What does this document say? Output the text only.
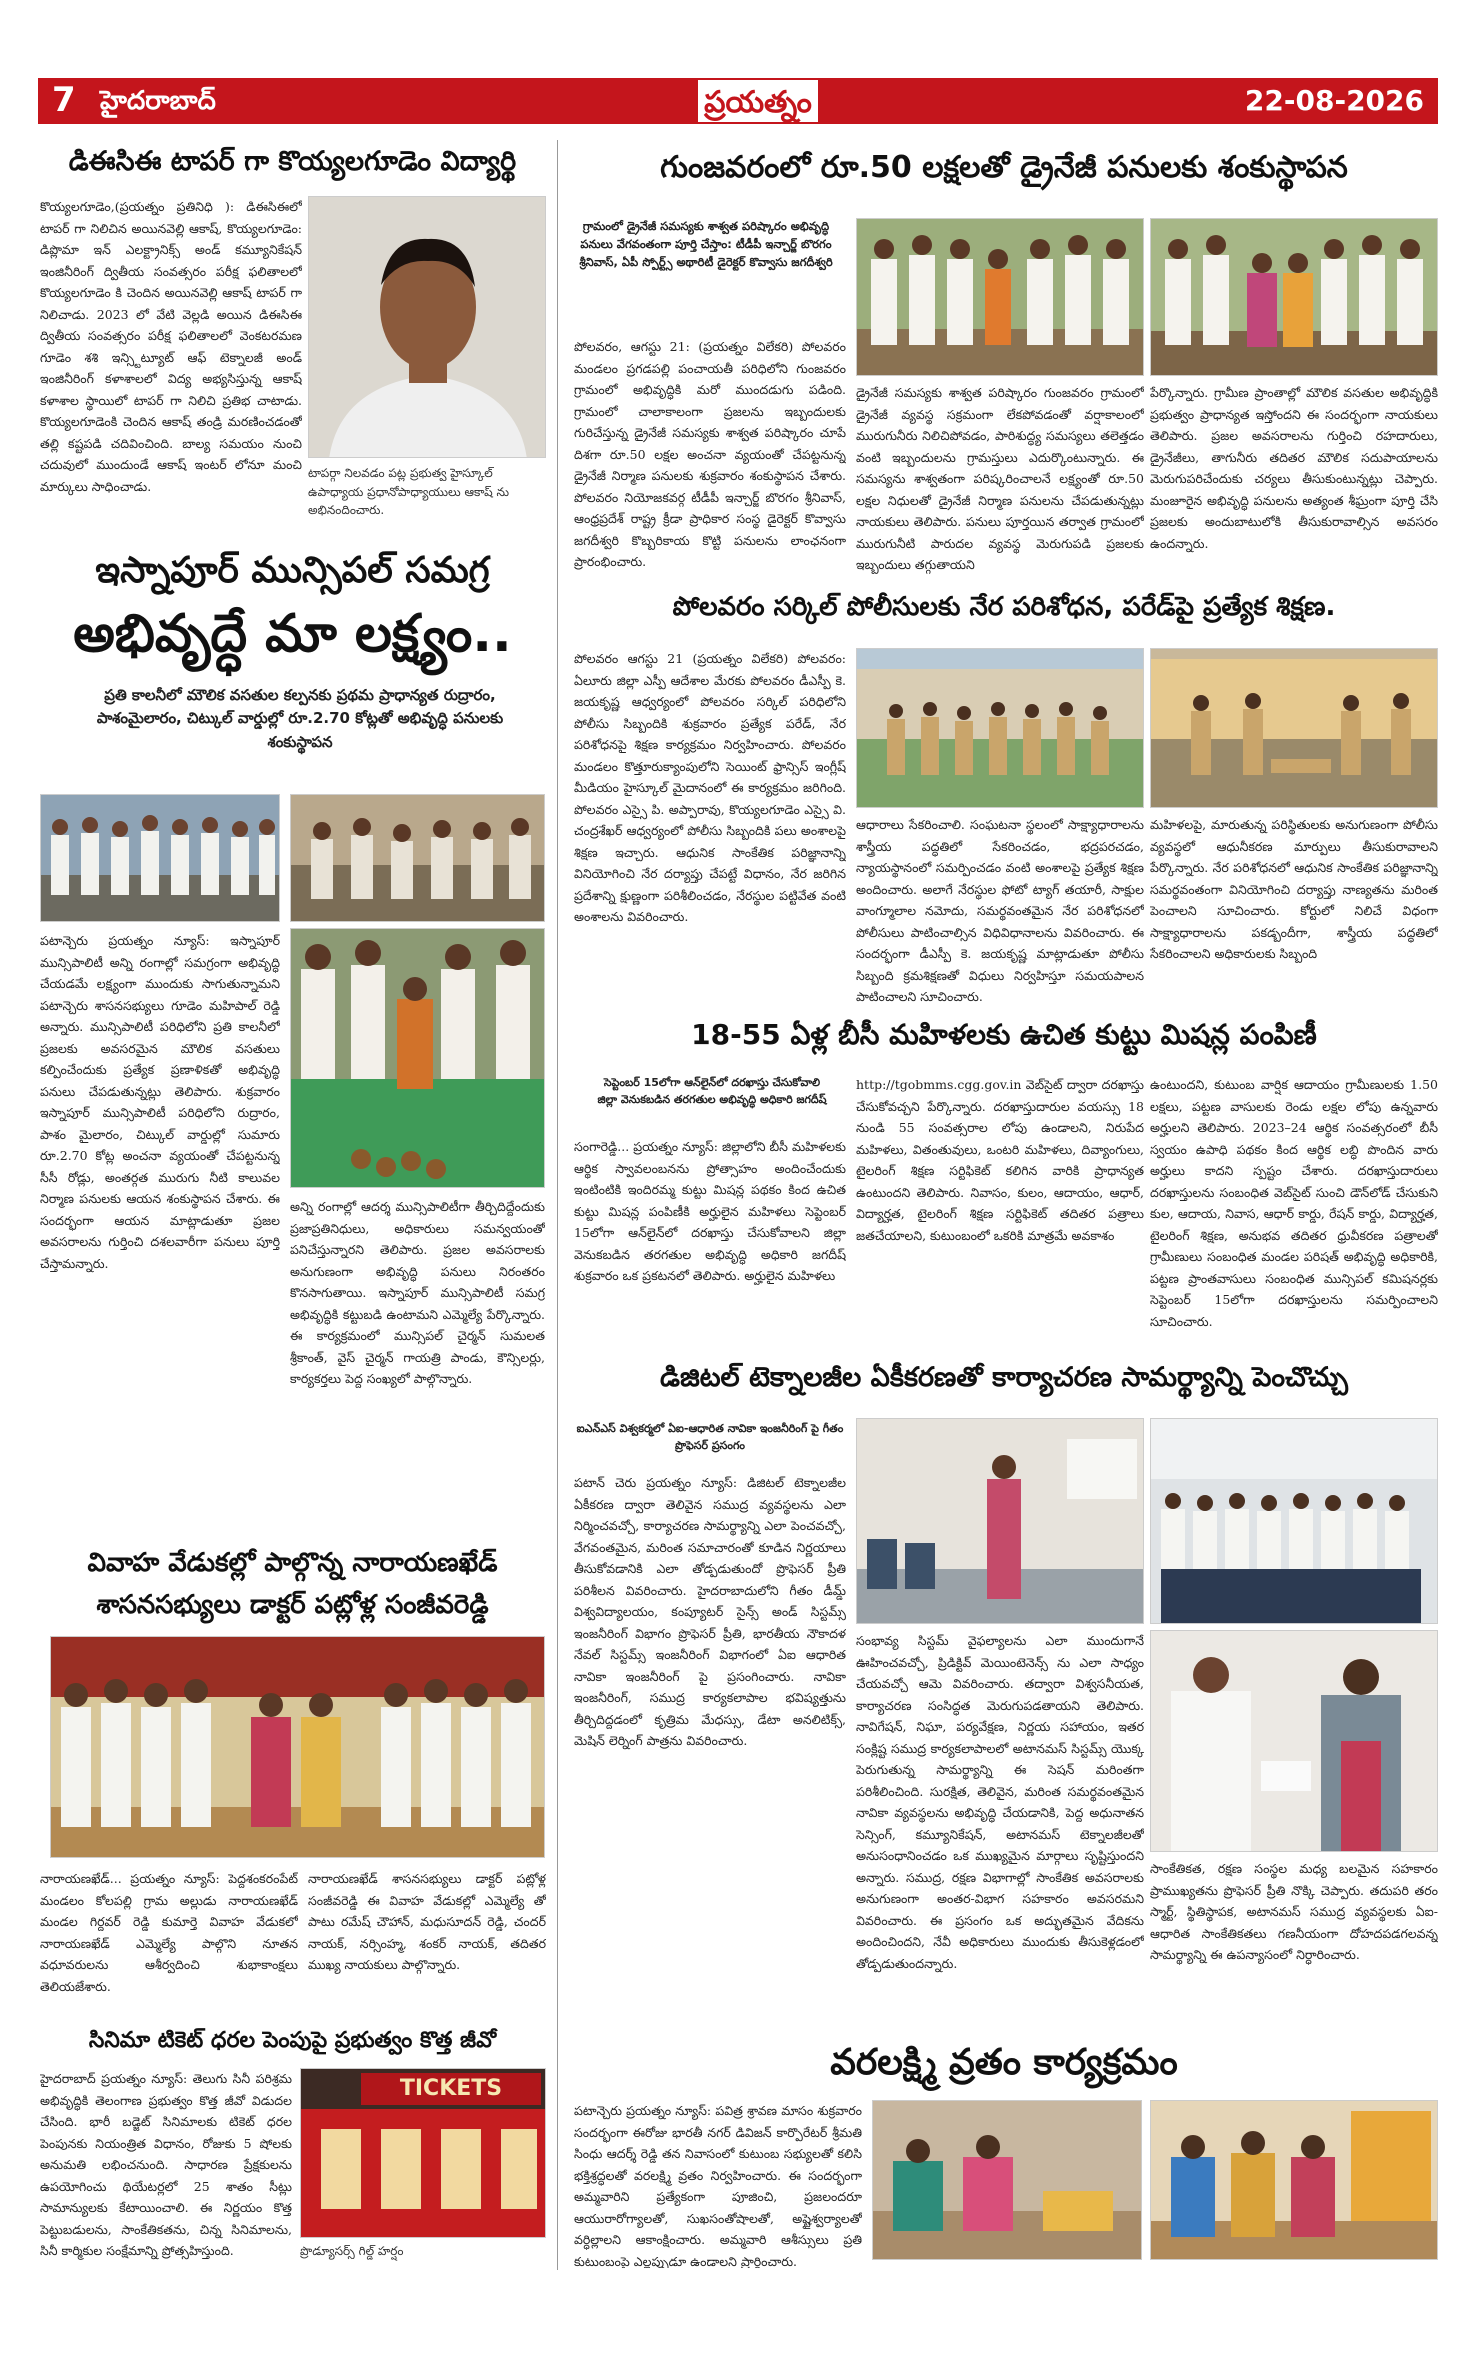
7 హైదరాబాద్	ప్రయత్నం	22-08-2026
డిఈసిఈ టాపర్ గా కొయ్యలగూడెం విద్యార్థి
కొయ్యలగూడెం,(ప్రయత్నం ప్రతినిధి ): డిఈసిఈలో టాపర్ గా నిలిచిన అయినవెల్లి ఆకాష్, కొయ్యలగూడెం: డిప్లొమా ఇన్ ఎలక్ట్రానిక్స్ అండ్ కమ్యూనికేషన్ ఇంజినీరింగ్ ద్వితీయ సంవత్సరం పరీక్ష ఫలితాలలో కొయ్యలగూడెం కి చెందిన అయినవెల్లి ఆకాష్ టాపర్ గా నిలిచాడు. 2023 లో వేటి వెల్లడి అయిన డిఈసిఈ ద్వితీయ సంవత్సరం పరీక్ష ఫలితాలలో వెంకటరమణ గూడెం శశి ఇన్స్టిట్యూట్ ఆఫ్ టెక్నాలజీ అండ్ ఇంజినీరింగ్ కళాశాలలో విద్య అభ్యసిస్తున్న ఆకాష్ కళాశాల స్థాయిలో టాపర్ గా నిలిచి ప్రతిభ చాటాడు. కొయ్యలగూడెంకి చెందిన ఆకాష్ తండ్రి మరణించడంతో తల్లి కష్టపడి చదివించింది. బాల్య సమయం నుంచి చదువులో ముందుండే ఆకాష్ ఇంటర్ లోనూ మంచి మార్కులు సాధించాడు.
టాపర్గా నిలవడం పట్ల ప్రభుత్వ హైస్కూల్ ఉపాధ్యాయ ప్రధానోపాధ్యాయులు ఆకాష్ ను అభినందించారు.
ఇస్నాపూర్ మున్సిపల్ సమగ్ర
అభివృద్ధే మా లక్ష్యం..
ప్రతి కాలనీలో మౌలిక వసతుల కల్పనకు ప్రథమ ప్రాధాన్యత రుద్రారం, పాశంమైలారం, చిట్కుల్ వార్డుల్లో రూ.2.70 కోట్లతో అభివృద్ధి పనులకు శంకుస్థాపన
పటాన్చెరు ప్రయత్నం న్యూస్: ఇస్నాపూర్ మున్సిపాలిటీ అన్ని రంగాల్లో సమగ్రంగా అభివృద్ధి చేయడమే లక్ష్యంగా ముందుకు సాగుతున్నామని పటాన్చెరు శాసనసభ్యులు గూడెం మహిపాల్ రెడ్డి అన్నారు. మున్సిపాలిటీ పరిధిలోని ప్రతి కాలనీలో ప్రజలకు అవసరమైన మౌలిక వసతులు కల్పించేందుకు ప్రత్యేక ప్రణాళికతో అభివృద్ధి పనులు చేపడుతున్నట్లు తెలిపారు. శుక్రవారం ఇస్నాపూర్ మున్సిపాలిటీ పరిధిలోని రుద్రారం, పాశం మైలారం, చిట్కుల్ వార్డుల్లో సుమారు రూ.2.70 కోట్ల అంచనా వ్యయంతో చేపట్టనున్న సీసీ రోడ్లు, అంతర్గత మురుగు నీటి కాలువల నిర్మాణ పనులకు ఆయన శంకుస్థాపన చేశారు. ఈ సందర్భంగా ఆయన మాట్లాడుతూ ప్రజల అవసరాలను గుర్తించి దశలవారీగా పనులు పూర్తి చేస్తామన్నారు.
అన్ని రంగాల్లో ఆదర్శ మున్సిపాలిటీగా తీర్చిదిద్దేందుకు ప్రజాప్రతినిధులు, అధికారులు సమన్వయంతో పనిచేస్తున్నారని తెలిపారు. ప్రజల అవసరాలకు అనుగుణంగా అభివృద్ధి పనులు నిరంతరం కొనసాగుతాయి. ఇస్నాపూర్ మున్సిపాలిటీ సమగ్ర అభివృద్ధికి కట్టుబడి ఉంటామని ఎమ్మెల్యే పేర్కొన్నారు. ఈ కార్యక్రమంలో మున్సిపల్ చైర్మన్ సుమలత శ్రీకాంత్, వైస్ చైర్మన్ గాయత్రి పాండు, కౌన్సిలర్లు, కార్యకర్తలు పెద్ద సంఖ్యలో పాల్గొన్నారు.
వివాహ వేడుకల్లో పాల్గొన్న నారాయణఖేడ్
శాసనసభ్యులు డాక్టర్ పట్లోళ్ల సంజీవరెడ్డి
నారాయణఖేడ్... ప్రయత్నం న్యూస్: పెద్దశంకరంపేట్ మండలం కోలపల్లి గ్రామ అల్లుడు నారాయణఖేడ్ మండల గిర్దవర్ రెడ్డి కుమార్తె వివాహ వేడుకలో నారాయణఖేడ్ ఎమ్మెల్యే పాల్గొని నూతన వధూవరులను ఆశీర్వదించి శుభాకాంక్షలు తెలియజేశారు.
నారాయణఖేడ్ శాసనసభ్యులు డాక్టర్ పట్లోళ్ల సంజీవరెడ్డి ఈ వివాహ వేడుకల్లో ఎమ్మెల్యే తో పాటు రమేష్ చౌహాన్, మధుసూదన్ రెడ్డి, చందర్ నాయక్, నర్సింహ్మ, శంకర్ నాయక్, తదితర ముఖ్య నాయకులు పాల్గొన్నారు.
సినిమా టికెట్ ధరల పెంపుపై ప్రభుత్వం కొత్త జీవో
హైదరాబాద్ ప్రయత్నం న్యూస్: తెలుగు సినీ పరిశ్రమ అభివృద్ధికి తెలంగాణ ప్రభుత్వం కొత్త జీవో విడుదల చేసింది. భారీ బడ్జెట్ సినిమాలకు టికెట్ ధరల పెంపునకు నియంత్రిత విధానం, రోజుకు 5 షోలకు అనుమతి లభించనుంది. సాధారణ ప్రేక్షకులను ఉపయోగించు థియేటర్లలో 25 శాతం సీట్లు సామాన్యులకు కేటాయించాలి. ఈ నిర్ణయం కొత్త పెట్టుబడులను, సాంకేతికతను, చిన్న సినిమాలను, సినీ కార్మికుల సంక్షేమాన్ని ప్రోత్సహిస్తుంది.
TICKETS
ప్రొడ్యూసర్స్ గిల్డ్ హర్షం
గుంజవరంలో రూ.50 లక్షలతో డ్రైనేజీ పనులకు శంకుస్థాపన
గ్రామంలో డ్రైనేజీ సమస్యకు శాశ్వత పరిష్కారం అభివృద్ధి పనులు వేగవంతంగా పూర్తి చేస్తాం: టీడీపీ ఇన్చార్జ్ బొరగం శ్రీనివాస్, ఏపీ స్పోర్ట్స్ అథారిటీ డైరెక్టర్ కొవ్వాసు జగదీశ్వరి
పోలవరం, ఆగస్టు 21: (ప్రయత్నం విలేకరి) పోలవరం మండలం ప్రగడపల్లి పంచాయతీ పరిధిలోని గుంజవరం గ్రామంలో అభివృద్ధికి మరో ముందడుగు పడింది. గ్రామంలో చాలాకాలంగా ప్రజలను ఇబ్బందులకు గురిచేస్తున్న డ్రైనేజీ సమస్యకు శాశ్వత పరిష్కారం చూపే దిశగా రూ.50 లక్షల అంచనా వ్యయంతో చేపట్టనున్న డ్రైనేజీ నిర్మాణ పనులకు శుక్రవారం శంకుస్థాపన చేశారు. పోలవరం నియోజకవర్గ టీడీపీ ఇన్చార్జ్ బొరగం శ్రీనివాస్, ఆంధ్రప్రదేశ్ రాష్ట్ర క్రీడా ప్రాధికార సంస్థ డైరెక్టర్ కొవ్వాసు జగదీశ్వరి కొబ్బరికాయ కొట్టి పనులను లాంఛనంగా ప్రారంభించారు.
డ్రైనేజీ సమస్యకు శాశ్వత పరిష్కారం గుంజవరం గ్రామంలో డ్రైనేజీ వ్యవస్థ సక్రమంగా లేకపోవడంతో వర్షాకాలంలో మురుగునీరు నిలిచిపోవడం, పారిశుద్ధ్య సమస్యలు తలెత్తడం వంటి ఇబ్బందులను గ్రామస్తులు ఎదుర్కొంటున్నారు. ఈ సమస్యను శాశ్వతంగా పరిష్కరించాలనే లక్ష్యంతో రూ.50 లక్షల నిధులతో డ్రైనేజీ నిర్మాణ పనులను చేపడుతున్నట్లు నాయకులు తెలిపారు. పనులు పూర్తయిన తర్వాత గ్రామంలో మురుగునీటి పారుదల వ్యవస్థ మెరుగుపడి ప్రజలకు ఇబ్బందులు తగ్గుతాయని
పేర్కొన్నారు. గ్రామీణ ప్రాంతాల్లో మౌలిక వసతుల అభివృద్ధికి ప్రభుత్వం ప్రాధాన్యత ఇస్తోందని ఈ సందర్భంగా నాయకులు తెలిపారు. ప్రజల అవసరాలను గుర్తించి రహదారులు, డ్రైనేజీలు, తాగునీరు తదితర మౌలిక సదుపాయాలను మెరుగుపరిచేందుకు చర్యలు తీసుకుంటున్నట్లు చెప్పారు. మంజూరైన అభివృద్ధి పనులను అత్యంత శీఘ్రంగా పూర్తి చేసి ప్రజలకు అందుబాటులోకి తీసుకురావాల్సిన అవసరం ఉందన్నారు.
పోలవరం సర్కిల్ పోలీసులకు నేర పరిశోధన, పరేడ్‌పై ప్రత్యేక శిక్షణ.
పోలవరం ఆగస్టు 21 (ప్రయత్నం విలేకరి) పోలవరం: ఏలూరు జిల్లా ఎస్పీ ఆదేశాల మేరకు పోలవరం డీఎస్పీ కె. జయకృష్ణ ఆధ్వర్యంలో పోలవరం సర్కిల్ పరిధిలోని పోలీసు సిబ్బందికి శుక్రవారం ప్రత్యేక పరేడ్, నేర పరిశోధనపై శిక్షణ కార్యక్రమం నిర్వహించారు. పోలవరం మండలం కొత్తూరుక్యాంపులోని సెయింట్ ఫ్రాన్సిస్ ఇంగ్లీష్ మీడియం హైస్కూల్ మైదానంలో ఈ కార్యక్రమం జరిగింది. పోలవరం ఎస్సై పి. అప్పారావు, కొయ్యలగూడెం ఎస్సై వి. చంద్రశేఖర్ ఆధ్వర్యంలో పోలీసు సిబ్బందికి పలు అంశాలపై శిక్షణ ఇచ్చారు. ఆధునిక సాంకేతిక పరిజ్ఞానాన్ని వినియోగించి నేర దర్యాప్తు చేపట్టే విధానం, నేర జరిగిన ప్రదేశాన్ని క్షుణ్ణంగా పరిశీలించడం, నేరస్థుల పట్టివేత వంటి అంశాలను వివరించారు.
ఆధారాలు సేకరించాలి. సంఘటనా స్థలంలో సాక్ష్యాధారాలను శాస్త్రీయ పద్ధతిలో సేకరించడం, భద్రపరచడం, న్యాయస్థానంలో సమర్పించడం వంటి అంశాలపై ప్రత్యేక శిక్షణ అందించారు. అలాగే నేరస్థుల ఫోటో ట్యాగ్ తయారీ, సాక్షుల వాంగ్మూలాల నమోదు, సమర్థవంతమైన నేర పరిశోధనలో పోలీసులు పాటించాల్సిన విధివిధానాలను వివరించారు. ఈ సందర్భంగా డీఎస్పీ కె. జయకృష్ణ మాట్లాడుతూ పోలీసు సిబ్బంది క్రమశిక్షణతో విధులు నిర్వహిస్తూ సమయపాలన పాటించాలని సూచించారు.
మహిళలపై, మారుతున్న పరిస్థితులకు అనుగుణంగా పోలీసు వ్యవస్థలో ఆధునీకరణ మార్పులు తీసుకురావాలని పేర్కొన్నారు. నేర పరిశోధనలో ఆధునిక సాంకేతిక పరిజ్ఞానాన్ని సమర్థవంతంగా వినియోగించి దర్యాప్తు నాణ్యతను మరింత పెంచాలని సూచించారు. కోర్టులో నిలిచే విధంగా సాక్ష్యాధారాలను పకడ్బందీగా, శాస్త్రీయ పద్ధతిలో సేకరించాలని అధికారులకు సిబ్బంది
18-55 ఏళ్ల బీసీ మహిళలకు ఉచిత కుట్టు మిషన్ల పంపిణీ
సెప్టెంబర్ 15లోగా ఆన్‌లైన్‌లో దరఖాస్తు చేసుకోవాలి జిల్లా వెనుకబడిన తరగతుల అభివృద్ధి అధికారి జగదీష్
సంగారెడ్డి... ప్రయత్నం న్యూస్: జిల్లాలోని బీసీ మహిళలకు ఆర్థిక స్వావలంబనను ప్రోత్సాహం అందించేందుకు ఇంటింటికి ఇందిరమ్మ కుట్టు మిషన్ల పథకం కింద ఉచిత కుట్టు మిషన్ల పంపిణీకి అర్హులైన మహిళలు సెప్టెంబర్ 15లోగా ఆన్‌లైన్‌లో దరఖాస్తు చేసుకోవాలని జిల్లా వెనుకబడిన తరగతుల అభివృద్ధి అధికారి జగదీష్ శుక్రవారం ఒక ప్రకటనలో తెలిపారు. అర్హులైన మహిళలు
http://tgobmms.cgg.gov.in వెబ్‌సైట్ ద్వారా దరఖాస్తు చేసుకోవచ్చని పేర్కొన్నారు. దరఖాస్తుదారుల వయస్సు 18 నుండి 55 సంవత్సరాల లోపు ఉండాలని, నిరుపేద మహిళలు, వితంతువులు, ఒంటరి మహిళలు, దివ్యాంగులు, టైలరింగ్ శిక్షణ సర్టిఫికెట్ కలిగిన వారికి ప్రాధాన్యత ఉంటుందని తెలిపారు. నివాసం, కులం, ఆదాయం, ఆధార్, విద్యార్హత, టైలరింగ్ శిక్షణ సర్టిఫికెట్ తదితర పత్రాలు జతచేయాలని, కుటుంబంలో ఒకరికి మాత్రమే అవకాశం
ఉంటుందని, కుటుంబ వార్షిక ఆదాయం గ్రామీణులకు 1.50 లక్షలు, పట్టణ వాసులకు రెండు లక్షల లోపు ఉన్నవారు అర్హులని తెలిపారు. 2023–24 ఆర్థిక సంవత్సరంలో బీసీ స్వయం ఉపాధి పథకం కింద ఆర్థిక లబ్ధి పొందిన వారు అర్హులు కాదని స్పష్టం చేశారు. దరఖాస్తుదారులు దరఖాస్తులను సంబంధిత వెబ్‌సైట్ సుంచి డౌన్‌లోడ్ చేసుకుని కుల, ఆదాయ, నివాస, ఆధార్ కార్డు, రేషన్ కార్డు, విద్యార్హత, టైలరింగ్ శిక్షణ, అనుభవ తదితర ధ్రువీకరణ పత్రాలతో గ్రామీణులు సంబంధిత మండల పరిషత్ అభివృద్ధి అధికారికి, పట్టణ ప్రాంతవాసులు సంబంధిత మున్సిపల్ కమిషనర్లకు సెప్టెంబర్ 15లోగా దరఖాస్తులను సమర్పించాలని సూచించారు.
డిజిటల్ టెక్నాలజీల ఏకీకరణతో కార్యాచరణ సామర్థ్యాన్ని పెంచొచ్చు
ఐఎన్ఎస్ విశ్వకర్మలో ఏఐ-ఆధారిత నావికా ఇంజనీరింగ్ పై గీతం ప్రొఫెసర్ ప్రసంగం
పటాన్ చెరు ప్రయత్నం న్యూస్: డిజిటల్ టెక్నాలజీల ఏకీకరణ ద్వారా తెలివైన సముద్ర వ్యవస్థలను ఎలా నిర్మించవచ్చో, కార్యాచరణ సామర్థ్యాన్ని ఎలా పెంచవచ్చో, వేగవంతమైన, మరింత సమాచారంతో కూడిన నిర్ణయాలు తీసుకోవడానికి ఎలా తోడ్పడుతుందో ప్రొఫెసర్ ప్రీతి పరిశీలన వివరించారు. హైదరాబాదులోని గీతం డీమ్డ్ విశ్వవిద్యాలయం, కంప్యూటర్ సైన్స్ అండ్ సిస్టమ్స్ ఇంజనీరింగ్ విభాగం ప్రొఫెసర్ ప్రీతి, భారతీయ నౌకాదళ నేవల్ సిస్టమ్స్ ఇంజనీరింగ్ విభాగంలో ఏఐ ఆధారిత నావికా ఇంజనీరింగ్ పై ప్రసంగించారు. నావికా ఇంజనీరింగ్, సముద్ర కార్యకలాపాల భవిష్యత్తును తీర్చిదిద్దడంలో కృత్రిమ మేధస్సు, డేటా అనలిటిక్స్, మెషిన్ లెర్నింగ్ పాత్రను వివరించారు.
సంభావ్య సిస్టమ్ వైఫల్యాలను ఎలా ముందుగానే ఊహించవచ్చో, ప్రిడిక్టివ్ మెయింటెనెన్స్ ను ఎలా సాధ్యం చేయవచ్చో ఆమె వివరించారు. తద్వారా విశ్వసనీయత, కార్యాచరణ సంసిద్ధత మెరుగుపడతాయని తెలిపారు. నావిగేషన్, నిఘా, పర్యవేక్షణ, నిర్ణయ సహాయం, ఇతర సంక్లిష్ట సముద్ర కార్యకలాపాలలో అటానమస్ సిస్టమ్స్ యొక్క పెరుగుతున్న సామర్థ్యాన్ని ఈ సెషన్ మరింతగా పరిశీలించింది. సురక్షిత, తెలివైన, మరింత సమర్థవంతమైన నావికా వ్యవస్థలను అభివృద్ధి చేయడానికి, పెద్ద అధునాతన సెన్సింగ్, కమ్యూనికేషన్, అటానమస్ టెక్నాలజీలతో అనుసంధానించడం ఒక ముఖ్యమైన మార్గాలు సృష్టిస్తుందని అన్నారు. సముద్ర, రక్షణ విభాగాల్లో సాంకేతిక అవసరాలకు అనుగుణంగా అంతర-విభాగ సహకారం అవసరమని వివరించారు. ఈ ప్రసంగం ఒక అద్భుతమైన వేదికను అందించిందని, నేవీ అధికారులు ముందుకు తీసుకెళ్లడంలో తోడ్పడుతుందన్నారు.
సాంకేతికత, రక్షణ సంస్థల మధ్య బలమైన సహకారం ప్రాముఖ్యతను ప్రొఫెసర్ ప్రీతి నొక్కి చెప్పారు. తదుపరి తరం స్మార్ట్, స్థితిస్థాపక, అటానమస్ సముద్ర వ్యవస్థలకు ఏఐ-ఆధారిత సాంకేతికతలు గణనీయంగా దోహదపడగలవన్న సామర్థ్యాన్ని ఈ ఉపన్యాసంలో నిర్ధారించారు.
వరలక్ష్మి వ్రతం కార్యక్రమం
పటాన్చెరు ప్రయత్నం న్యూస్: పవిత్ర శ్రావణ మాసం శుక్రవారం సందర్భంగా ఈరోజు భారతీ నగర్ డివిజన్ కార్పొరేటర్ శ్రీమతి సింధు ఆదర్శ్ రెడ్డి తన నివాసంలో కుటుంబ సభ్యులతో కలిసి భక్తిశ్రద్ధలతో వరలక్ష్మి వ్రతం నిర్వహించారు. ఈ సందర్భంగా అమ్మవారిని ప్రత్యేకంగా పూజించి, ప్రజలందరూ ఆయురారోగ్యాలతో, సుఖసంతోషాలతో, అష్టైశ్వర్యాలతో వర్ధిల్లాలని ఆకాంక్షించారు. అమ్మవారి ఆశీస్సులు ప్రతి కుటుంబంపై ఎల్లప్పుడూ ఉండాలని ప్రార్థించారు.
